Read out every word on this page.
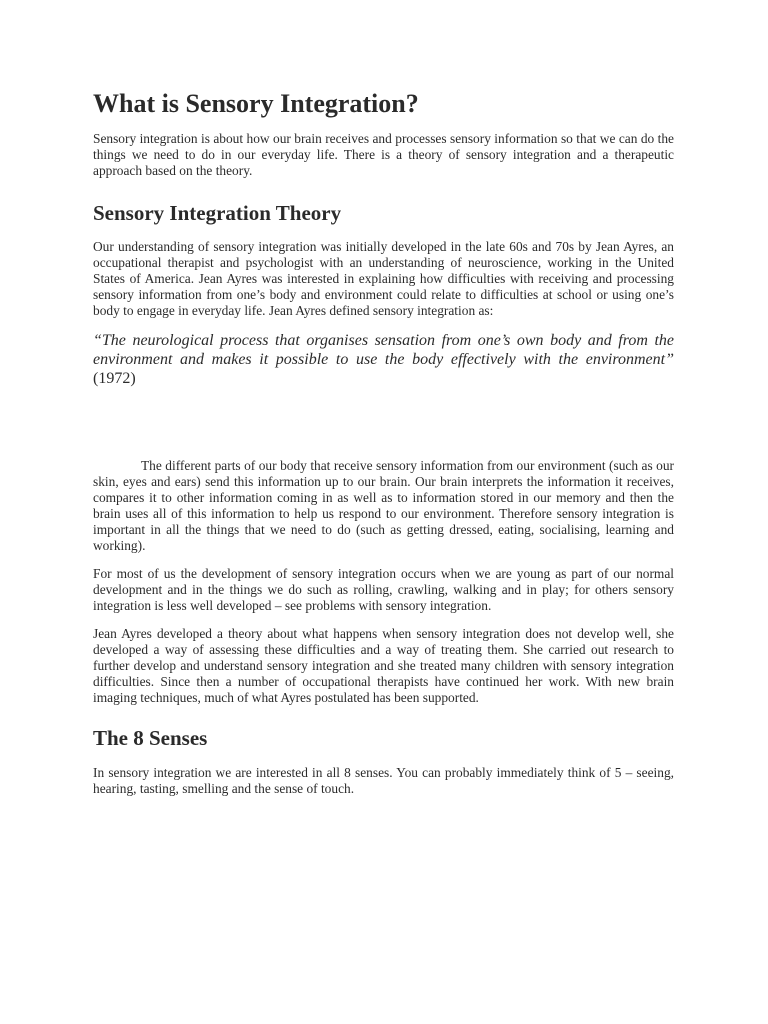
What is Sensory Integration?

Sensory integration is about how our brain receives and processes sensory information so that we can do the things we need to do in our everyday life. There is a theory of sensory integration and a therapeutic approach based on the theory.

Sensory Integration Theory

Our understanding of sensory integration was initially developed in the late 60s and 70s by Jean Ayres, an occupational therapist and psychologist with an understanding of neuroscience, working in the United States of America. Jean Ayres was interested in explaining how difficulties with receiving and processing sensory information from one’s body and environment could relate to difficulties at school or using one’s body to engage in everyday life. Jean Ayres defined sensory integration as:

“The neurological process that organises sensation from one’s own body and from the environment and makes it possible to use the body effectively with the environment” (1972)

The different parts of our body that receive sensory information from our environment (such as our skin, eyes and ears) send this information up to our brain. Our brain interprets the information it receives, compares it to other information coming in as well as to information stored in our memory and then the brain uses all of this information to help us respond to our environment. Therefore sensory integration is important in all the things that we need to do (such as getting dressed, eating, socialising, learning and working).

For most of us the development of sensory integration occurs when we are young as part of our normal development and in the things we do such as rolling, crawling, walking and in play; for others sensory integration is less well developed – see problems with sensory integration.

Jean Ayres developed a theory about what happens when sensory integration does not develop well, she developed a way of assessing these difficulties and a way of treating them. She carried out research to further develop and understand sensory integration and she treated many children with sensory integration difficulties. Since then a number of occupational therapists have continued her work. With new brain imaging techniques, much of what Ayres postulated has been supported.

The 8 Senses

In sensory integration we are interested in all 8 senses. You can probably immediately think of 5 – seeing, hearing, tasting, smelling and the sense of touch.
